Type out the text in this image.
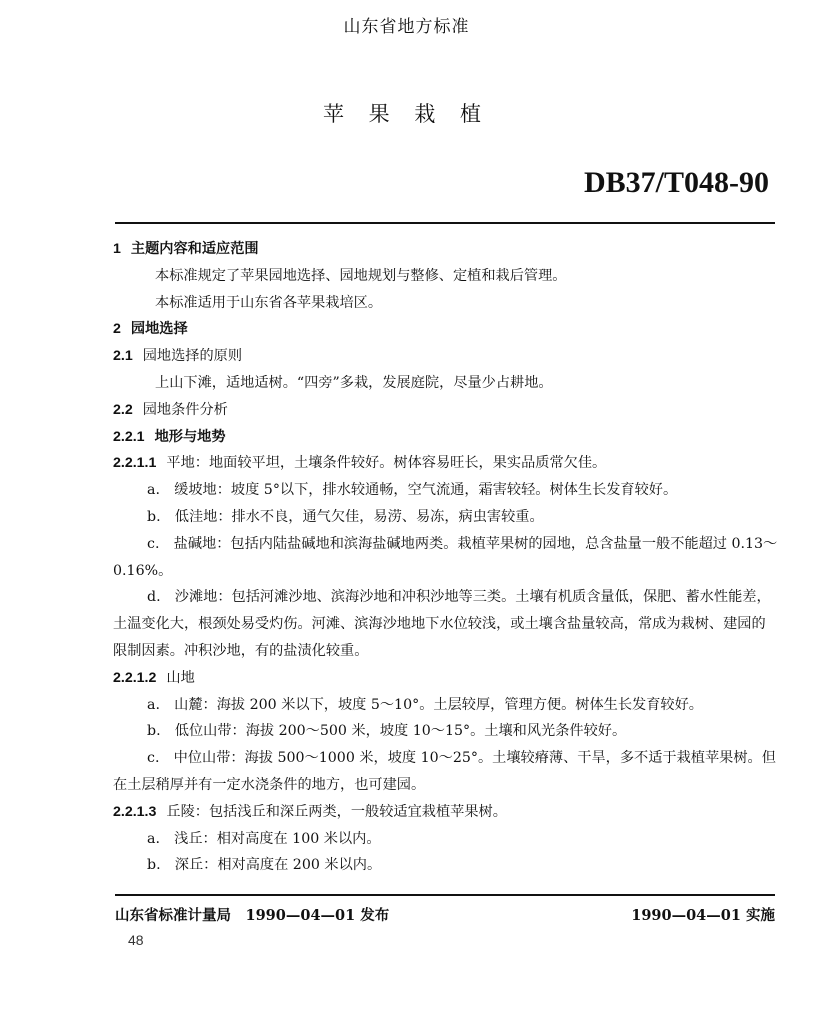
山东省地方标准
苹 果 栽 植
DB37/T048-90
1 主题内容和适应范围
本标准规定了苹果园地选择、园地规划与整修、定植和栽后管理。
本标准适用于山东省各苹果栽培区。
2 园地选择
2.1 园地选择的原则
上山下滩，适地适树。“四旁”多栽，发展庭院，尽量少占耕地。
2.2 园地条件分析
2.2.1 地形与地势
2.2.1.1 平地：地面较平坦，土壤条件较好。树体容易旺长，果实品质常欠佳。
a.　缓坡地：坡度 5°以下，排水较通畅，空气流通，霜害较轻。树体生长发育较好。
b.　低洼地：排水不良，通气欠佳，易涝、易冻，病虫害较重。
c.　盐碱地：包括内陆盐碱地和滨海盐碱地两类。栽植苹果树的园地，总含盐量一般不能超过 0.13～0.16%。
d.　沙滩地：包括河滩沙地、滨海沙地和冲积沙地等三类。土壤有机质含量低，保肥、蓄水性能差，土温变化大，根颈处易受灼伤。河滩、滨海沙地地下水位较浅，或土壤含盐量较高，常成为栽树、建园的限制因素。冲积沙地，有的盐渍化较重。
2.2.1.2 山地
a.　山麓：海拔 200 米以下，坡度 5～10°。土层较厚，管理方便。树体生长发育较好。
b.　低位山带：海拔 200～500 米，坡度 10～15°。土壤和风光条件较好。
c.　中位山带：海拔 500～1000 米，坡度 10～25°。土壤较瘠薄、干旱，多不适于栽植苹果树。但在土层稍厚并有一定水浇条件的地方，也可建园。
2.2.1.3 丘陵：包括浅丘和深丘两类，一般较适宜栽植苹果树。
a.　浅丘：相对高度在 100 米以内。
b.　深丘：相对高度在 200 米以内。
山东省标准计量局　1990—04—01 发布	1990—04—01 实施
48
